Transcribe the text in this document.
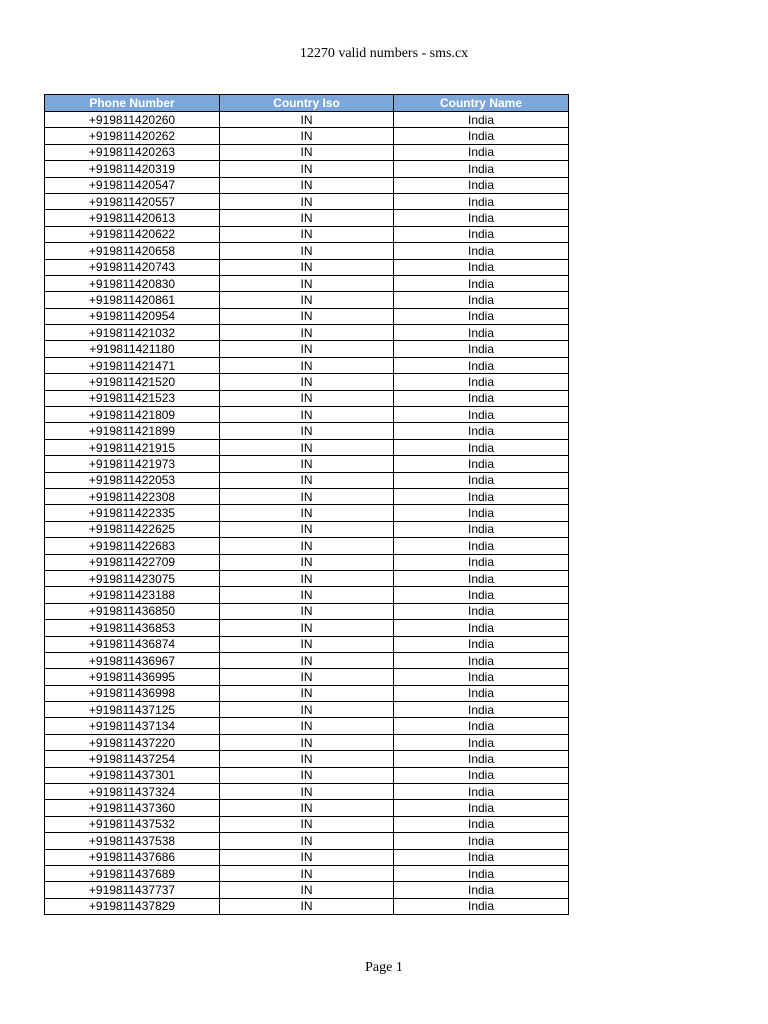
12270 valid numbers - sms.cx
Phone Number	Country Iso	Country Name
+919811420260	IN	India
+919811420262	IN	India
+919811420263	IN	India
+919811420319	IN	India
+919811420547	IN	India
+919811420557	IN	India
+919811420613	IN	India
+919811420622	IN	India
+919811420658	IN	India
+919811420743	IN	India
+919811420830	IN	India
+919811420861	IN	India
+919811420954	IN	India
+919811421032	IN	India
+919811421180	IN	India
+919811421471	IN	India
+919811421520	IN	India
+919811421523	IN	India
+919811421809	IN	India
+919811421899	IN	India
+919811421915	IN	India
+919811421973	IN	India
+919811422053	IN	India
+919811422308	IN	India
+919811422335	IN	India
+919811422625	IN	India
+919811422683	IN	India
+919811422709	IN	India
+919811423075	IN	India
+919811423188	IN	India
+919811436850	IN	India
+919811436853	IN	India
+919811436874	IN	India
+919811436967	IN	India
+919811436995	IN	India
+919811436998	IN	India
+919811437125	IN	India
+919811437134	IN	India
+919811437220	IN	India
+919811437254	IN	India
+919811437301	IN	India
+919811437324	IN	India
+919811437360	IN	India
+919811437532	IN	India
+919811437538	IN	India
+919811437686	IN	India
+919811437689	IN	India
+919811437737	IN	India
+919811437829	IN	India
Page 1
